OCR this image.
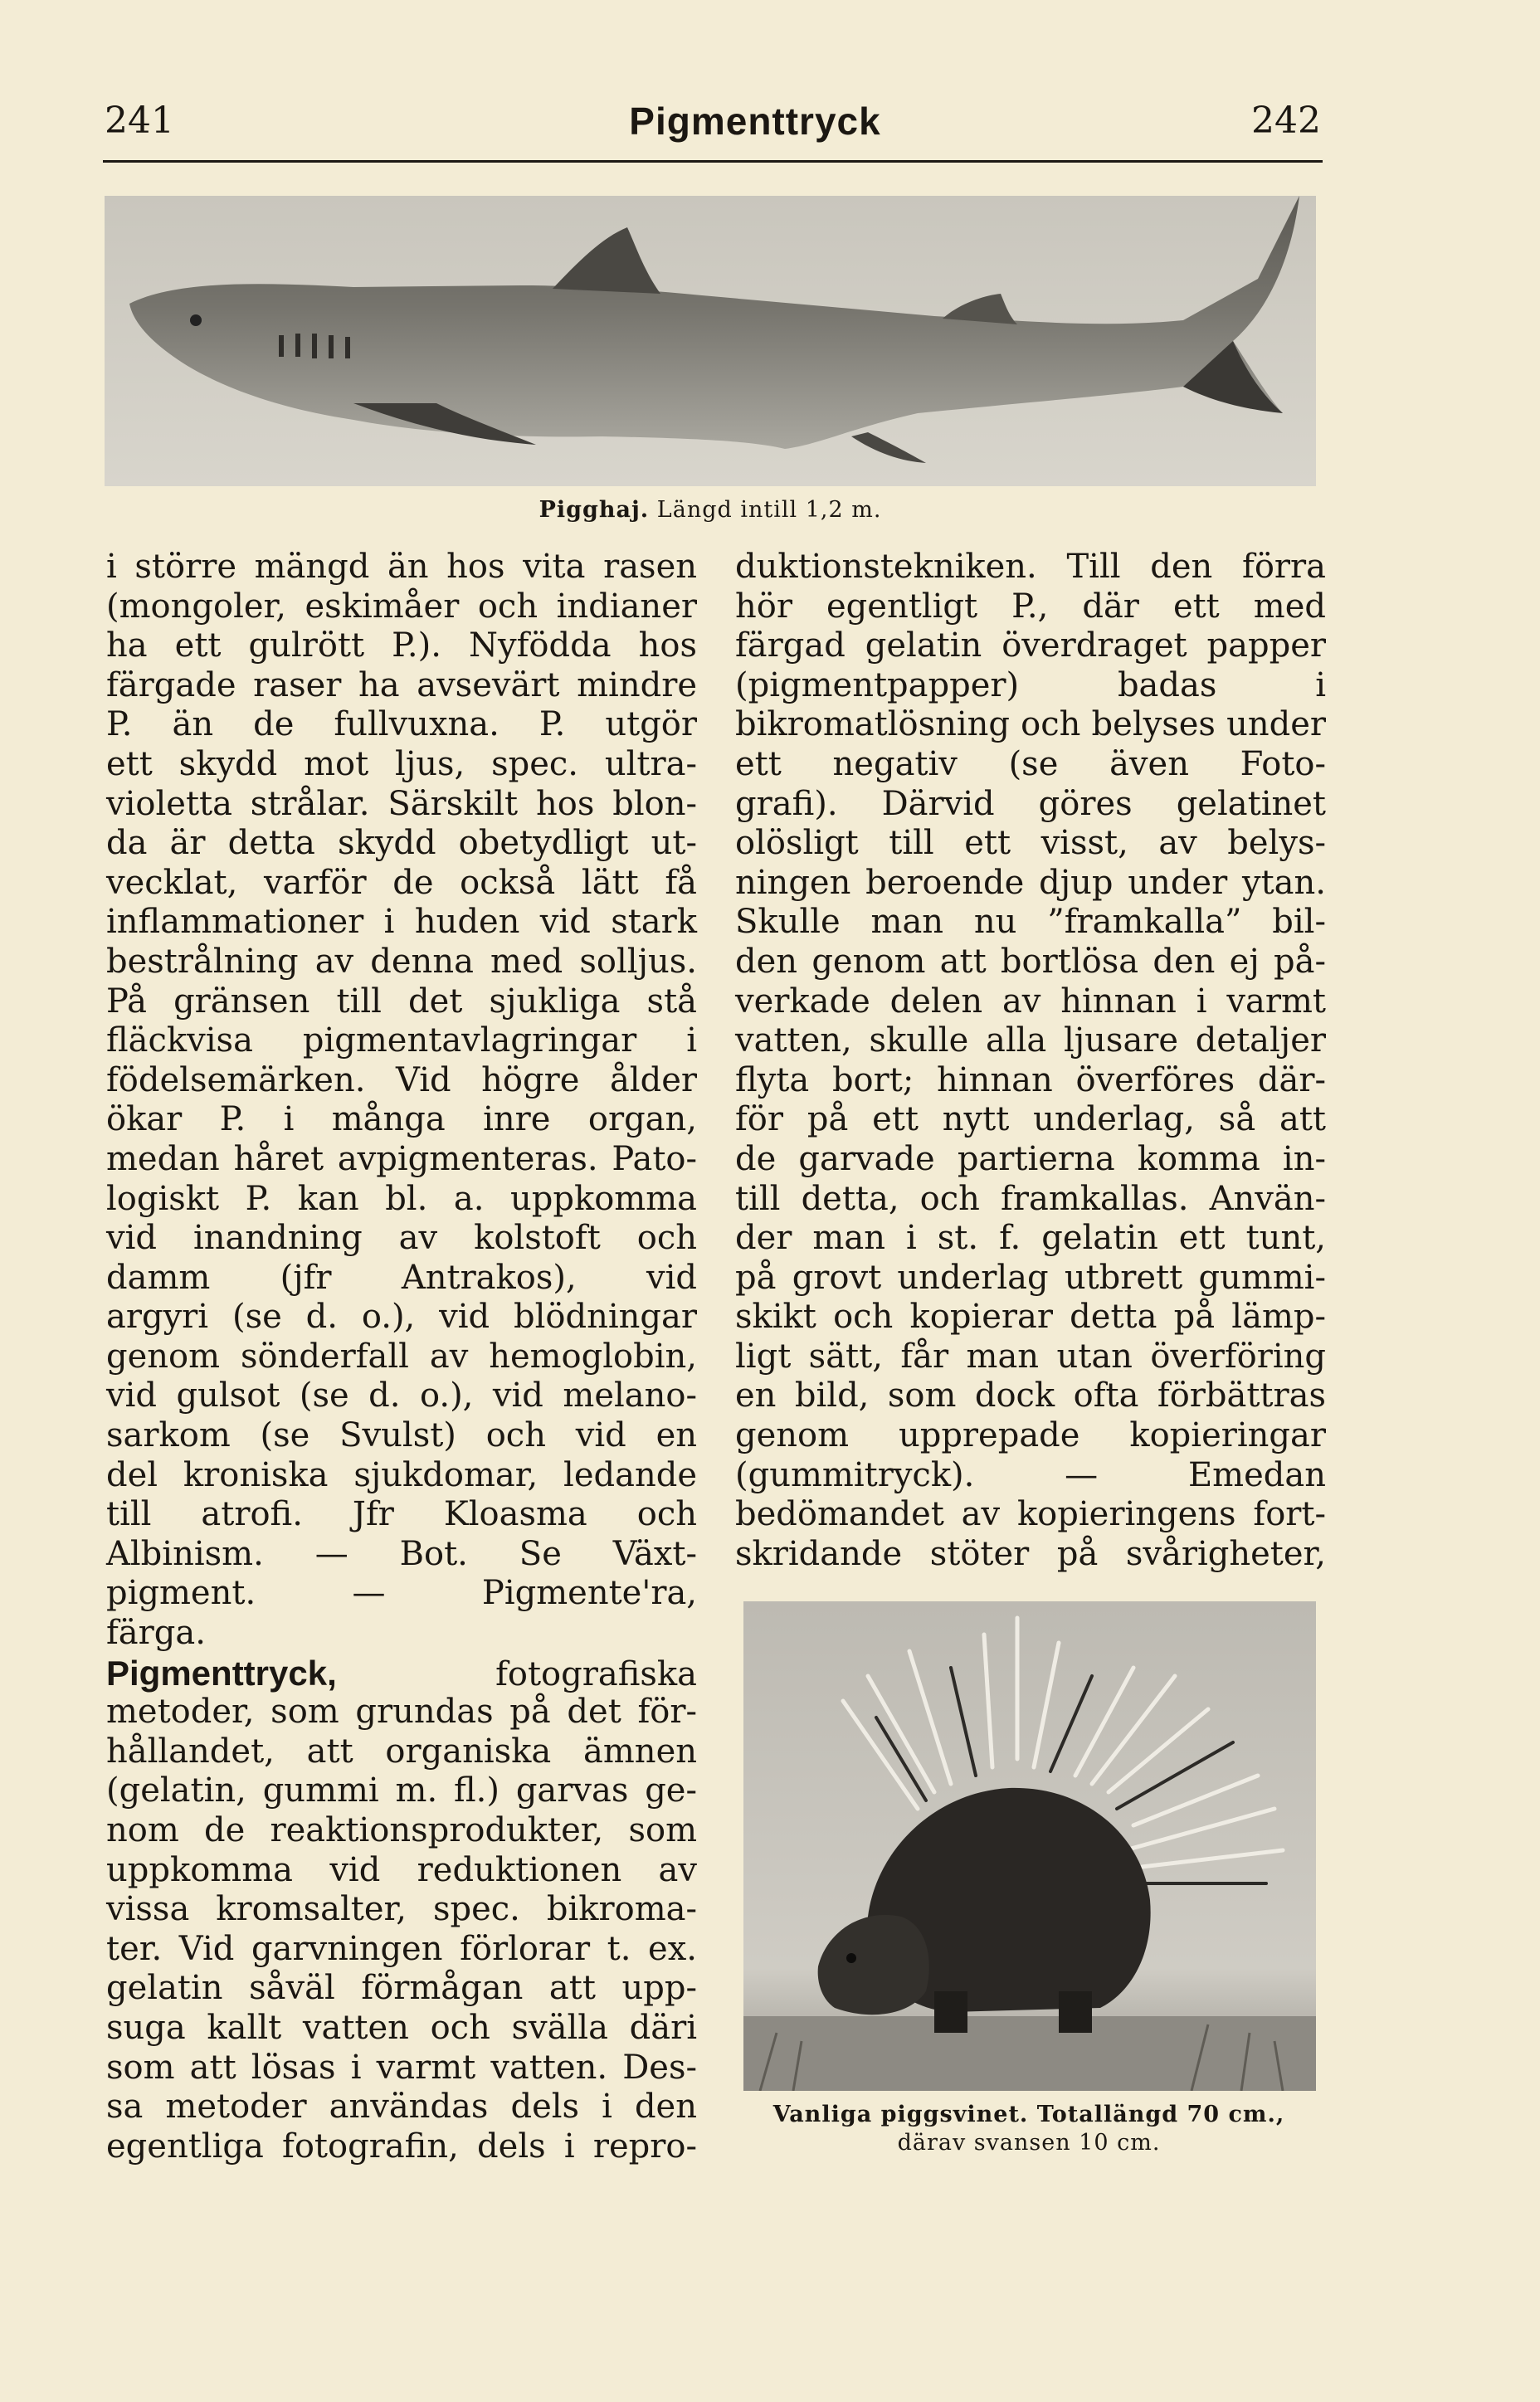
241	Pigmenttryck	242
Pigghaj. Längd intill 1,2 m.
i större mängd än hos vita rasen
(mongoler, eskimåer och indianer
ha ett gulrött P.). Nyfödda hos
färgade raser ha avsevärt mindre
P. än de fullvuxna. P. utgör
ett skydd mot ljus, spec. ultra-
violetta strålar. Särskilt hos blon-
da är detta skydd obetydligt ut-
vecklat, varför de också lätt få
inflammationer i huden vid stark
bestrålning av denna med solljus.
På gränsen till det sjukliga stå
fläckvisa pigmentavlagringar i
födelsemärken. Vid högre ålder
ökar P. i många inre organ,
medan håret avpigmenteras. Pato-
logiskt P. kan bl. a. uppkomma
vid inandning av kolstoft och
damm (jfr Antrakos), vid
argyri (se d. o.), vid blödningar
genom sönderfall av hemoglobin,
vid gulsot (se d. o.), vid melano-
sarkom (se Svulst) och vid en
del kroniska sjukdomar, ledande
till atrofi. Jfr Kloasma och
Albinism. — Bot. Se Växt-
pigment. — Pigmente'ra,
färga.
Pigmenttryck,	fotografiska
metoder, som grundas på det för-
hållandet, att organiska ämnen
(gelatin, gummi m. fl.) garvas ge-
nom de reaktionsprodukter, som
uppkomma vid reduktionen av
vissa kromsalter, spec. bikroma-
ter. Vid garvningen förlorar t. ex.
gelatin såväl förmågan att upp-
suga kallt vatten och svälla däri
som att lösas i varmt vatten. Des-
sa metoder användas dels i den
egentliga fotografin, dels i repro-
duktionstekniken. Till den förra
hör egentligt P., där ett med
färgad gelatin överdraget papper
(pigmentpapper) badas i
bikromatlösning och belyses under
ett negativ (se även Foto-
grafi). Därvid göres gelatinet
olösligt till ett visst, av belys-
ningen beroende djup under ytan.
Skulle man nu ”framkalla” bil-
den genom att bortlösa den ej på-
verkade delen av hinnan i varmt
vatten, skulle alla ljusare detaljer
flyta bort; hinnan överföres där-
för på ett nytt underlag, så att
de garvade partierna komma in-
till detta, och framkallas. Använ-
der man i st. f. gelatin ett tunt,
på grovt underlag utbrett gummi-
skikt och kopierar detta på lämp-
ligt sätt, får man utan överföring
en bild, som dock ofta förbättras
genom upprepade kopieringar
(gummitryck). — Emedan
bedömandet av kopieringens fort-
skridande stöter på svårigheter,
Vanliga piggsvinet. Totallängd 70 cm.,
därav svansen 10 cm.
